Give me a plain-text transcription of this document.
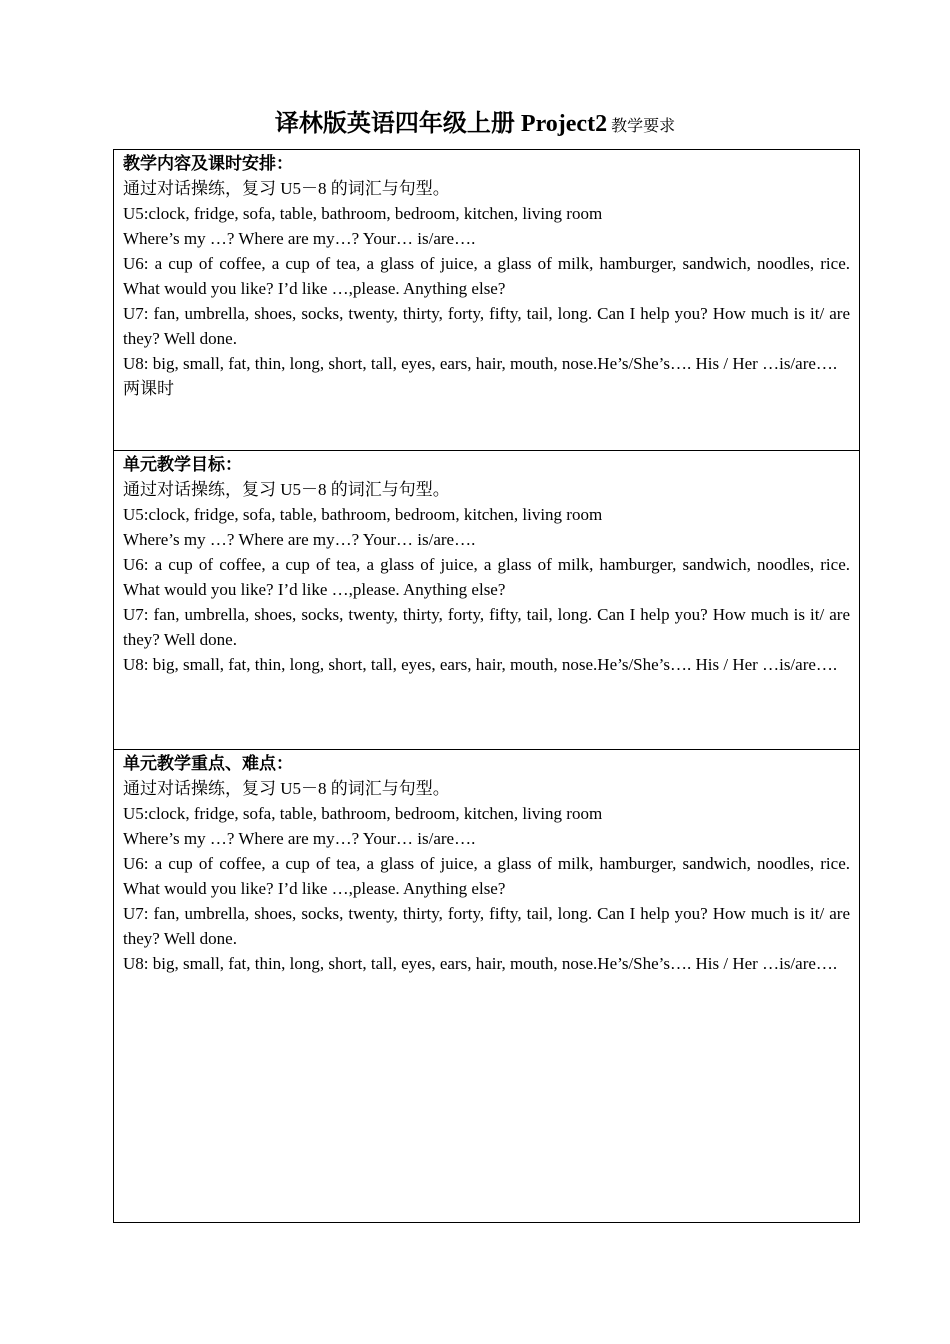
译林版英语四年级上册 Project2 教学要求
教学内容及课时安排：
通过对话操练，复习 U5－8 的词汇与句型。
U5:clock, fridge, sofa, table, bathroom, bedroom, kitchen, living room
Where’s my …? Where are my…? Your… is/are….
U6: a cup of coffee, a cup of tea, a glass of juice, a glass of milk, hamburger, sandwich, noodles, rice. What would you like? I’d like …,please. Anything else?
U7: fan, umbrella, shoes, socks, twenty, thirty, forty, fifty, tail, long. Can I help you? How much is it/ are they? Well done.
U8: big, small, fat, thin, long, short, tall, eyes, ears, hair, mouth, nose.He’s/She’s…. His / Her …is/are….
两课时
单元教学目标：
通过对话操练，复习 U5－8 的词汇与句型。
U5:clock, fridge, sofa, table, bathroom, bedroom, kitchen, living room
Where’s my …? Where are my…? Your… is/are….
U6: a cup of coffee, a cup of tea, a glass of juice, a glass of milk, hamburger, sandwich, noodles, rice. What would you like? I’d like …,please. Anything else?
U7: fan, umbrella, shoes, socks, twenty, thirty, forty, fifty, tail, long. Can I help you? How much is it/ are they? Well done.
U8: big, small, fat, thin, long, short, tall, eyes, ears, hair, mouth, nose.He’s/She’s…. His / Her …is/are….
单元教学重点、难点：
通过对话操练，复习 U5－8 的词汇与句型。
U5:clock, fridge, sofa, table, bathroom, bedroom, kitchen, living room
Where’s my …? Where are my…? Your… is/are….
U6: a cup of coffee, a cup of tea, a glass of juice, a glass of milk, hamburger, sandwich, noodles, rice. What would you like? I’d like …,please. Anything else?
U7: fan, umbrella, shoes, socks, twenty, thirty, forty, fifty, tail, long. Can I help you? How much is it/ are they? Well done.
U8: big, small, fat, thin, long, short, tall, eyes, ears, hair, mouth, nose.He’s/She’s…. His / Her …is/are….
